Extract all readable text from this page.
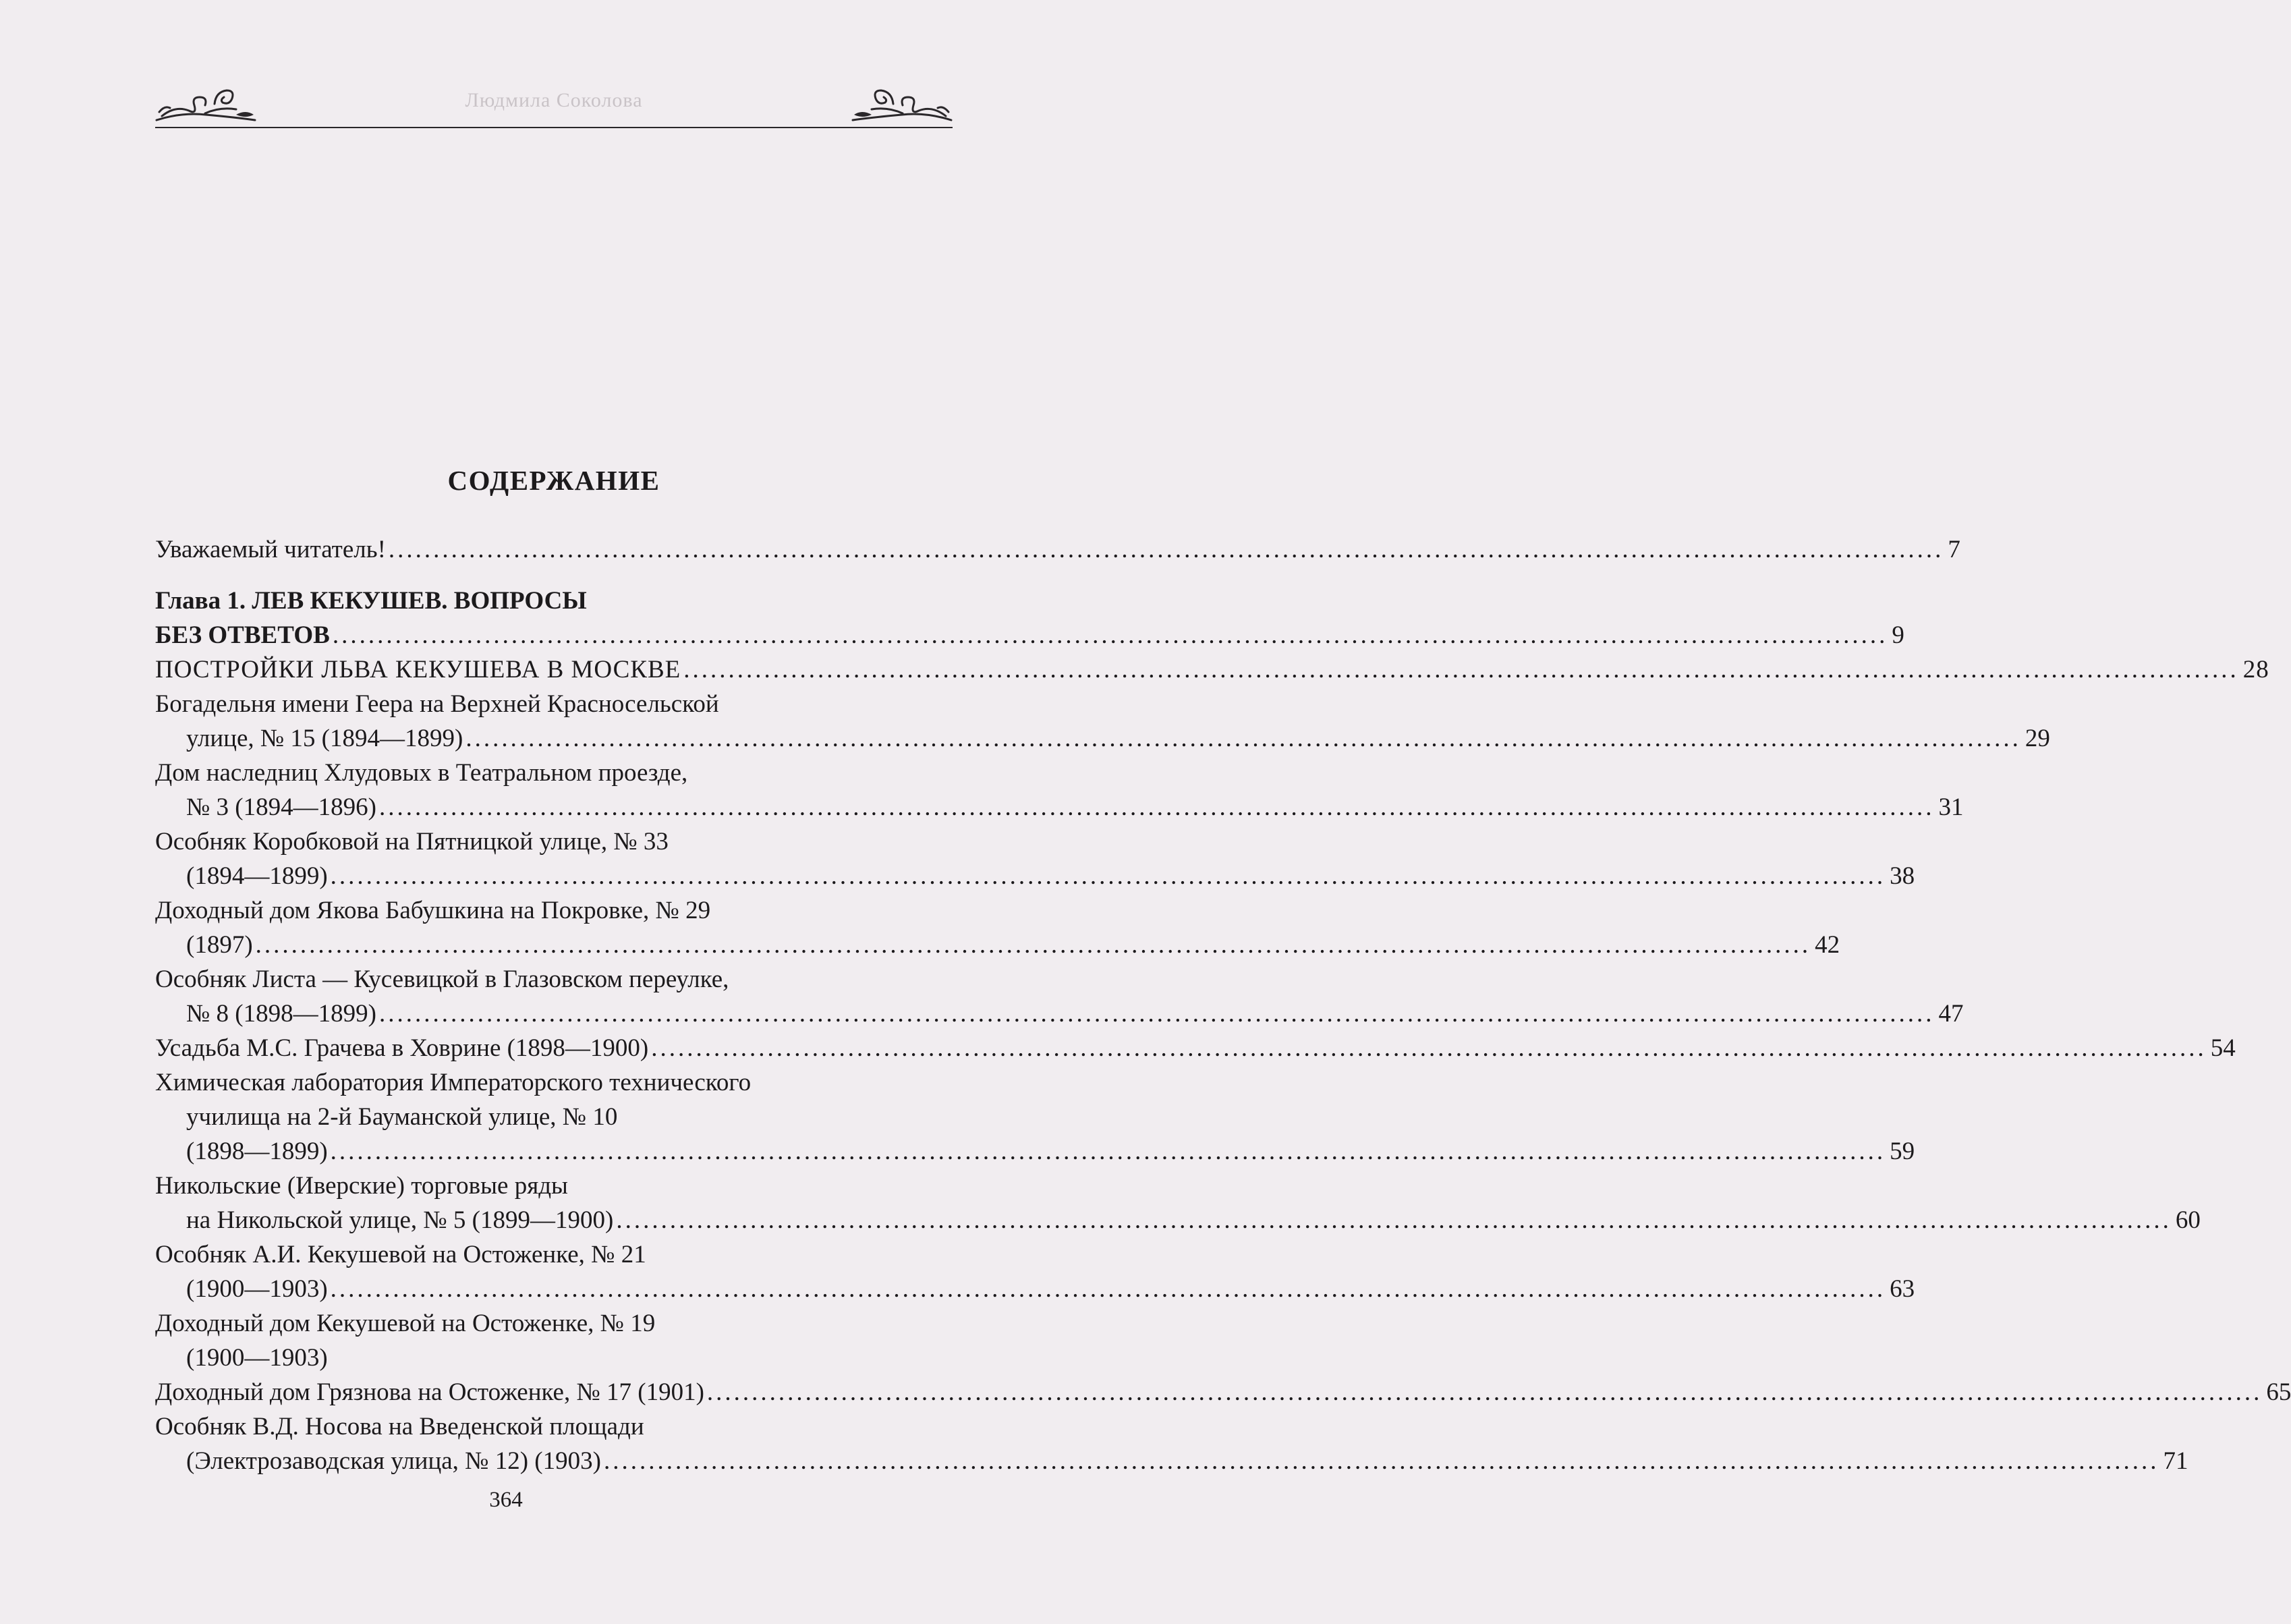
Людмила Соколова
СОДЕРЖАНИЕ
Уважаемый читатель! .............................................................................................................................................................................. 7
Глава 1. ЛЕВ КЕКУШЕВ. ВОПРОСЫ
БЕЗ ОТВЕТОВ .............................................................................................................................................................................. 9
ПОСТРОЙКИ ЛЬВА КЕКУШЕВА В МОСКВЕ .............................................................................................................................................................................. 28
Богадельня имени Геера на Верхней Красносельской
улице, № 15 (1894—1899) .............................................................................................................................................................................. 29
Дом наследниц Хлудовых в Театральном проезде,
№ 3 (1894—1896) .............................................................................................................................................................................. 31
Особняк Коробковой на Пятницкой улице, № 33
(1894—1899) .............................................................................................................................................................................. 38
Доходный дом Якова Бабушкина на Покровке, № 29
(1897) .............................................................................................................................................................................. 42
Особняк Листа — Кусевицкой в Глазовском переулке,
№ 8 (1898—1899) .............................................................................................................................................................................. 47
Усадьба М.С. Грачева в Ховрине (1898—1900) .............................................................................................................................................................................. 54
Химическая лаборатория Императорского технического
училища на 2-й Бауманской улице, № 10
(1898—1899) .............................................................................................................................................................................. 59
Никольские (Иверские) торговые ряды
на Никольской улице, № 5 (1899—1900) .............................................................................................................................................................................. 60
Особняк А.И. Кекушевой на Остоженке, № 21
(1900—1903) .............................................................................................................................................................................. 63
Доходный дом Кекушевой на Остоженке, № 19
(1900—1903)
Доходный дом Грязнова на Остоженке, № 17 (1901) .............................................................................................................................................................................. 65
Особняк В.Д. Носова на Введенской площади
(Электрозаводская улица, № 12) (1903) .............................................................................................................................................................................. 71
364
